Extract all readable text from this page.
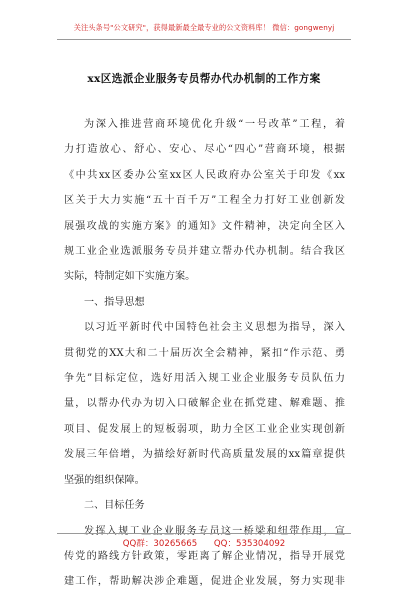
关注头条号"公文研究"，获得最新最全最专业的公文资料库！ 微信：gongwenyj
xx区选派企业服务专员帮办代办机制的工作方案

为深入推进营商环境优化升级“一号改革”工程，着
力打造放心、舒心、安心、尽心“四心”营商环境，根据
《中共xx区委办公室xx区人民政府办公室关于印发《xx
区关于大力实施“五十百千万”工程全力打好工业创新发
展强攻战的实施方案》的通知》文件精神，决定向全区入
规工业企业选派服务专员并建立帮办代办机制。结合我区
实际，特制定如下实施方案。
一、指导思想
以习近平新时代中国特色社会主义思想为指导，深入
贯彻党的XX大和二十届历次全会精神，紧扣“作示范、勇
争先”目标定位，选好用活入规工业企业服务专员队伍力
量，以帮办代办为切入口破解企业在抓党建、解难题、推
项目、促发展上的短板弱项，助力全区工业企业实现创新
发展三年倍增，为描绘好新时代高质量发展的xx篇章提供
坚强的组织保障。
二、目标任务
发挥入规工业企业服务专员这一桥梁和纽带作用，宣
传党的路线方针政策，零距离了解企业情况，指导开展党
建工作，帮助解决涉企难题，促进企业发展，努力实现非

QQ群：30265665 QQ：535304092
